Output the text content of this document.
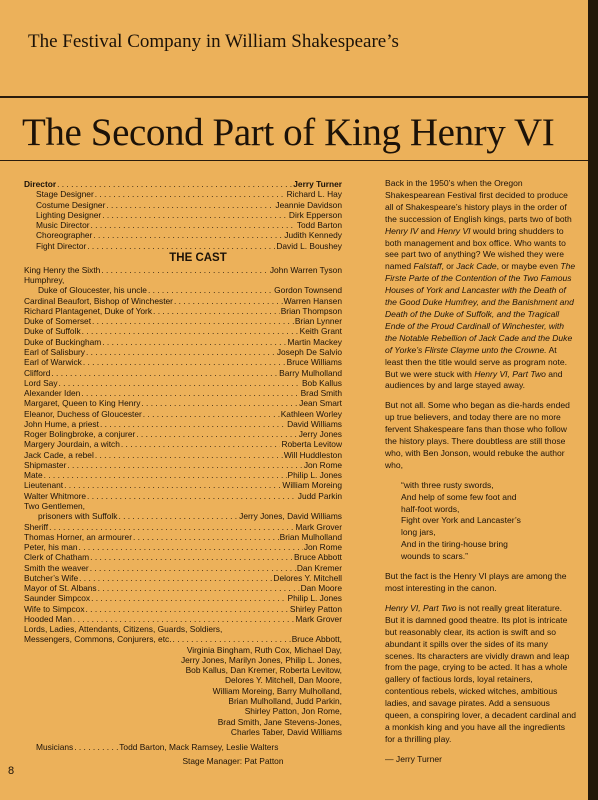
The Festival Company in William Shakespeare’s
The Second Part of King Henry VI
Director . . .	Jerry Turner
Stage Designer . . .	Richard L. Hay
Costume Designer . . .	Jeannie Davidson
Lighting Designer . . .	Dirk Epperson
Music Director . . .	Todd Barton
Choreographer . . .	Judith Kennedy
Fight Director . . .	David L. Boushey
THE CAST
King Henry the Sixth . . .	John Warren Tyson
Humphrey,
Duke of Gloucester, his uncle . . .	Gordon Townsend
Cardinal Beaufort, Bishop of Winchester . . .	Warren Hansen
Richard Plantagenet, Duke of York . . .	Brian Thompson
Duke of Somerset . . .	Brian Lynner
Duke of Suffolk . . .	Keith Grant
Duke of Buckingham . . .	Martin Mackey
Earl of Salisbury . . .	Joseph De Salvio
Earl of Warwick . . .	Bruce Williams
Clifford . . .	Barry Mulholland
Lord Say . . .	Bob Kallus
Alexander Iden . . .	Brad Smith
Margaret, Queen to King Henry . . .	Jean Smart
Eleanor, Duchess of Gloucester . . .	Kathleen Worley
John Hume, a priest . . .	David Williams
Roger Bolingbroke, a conjurer . . .	Jerry Jones
Margery Jourdain, a witch . . .	Roberta Levitow
Jack Cade, a rebel . . .	Will Huddleston
Shipmaster . . .	Jon Rome
Mate . . .	Philip L. Jones
Lieutenant . . .	William Moreing
Walter Whitmore . . .	Judd Parkin
Two Gentlemen,
prisoners with Suffolk . . .	Jerry Jones, David Williams
Sheriff . . .	Mark Grover
Thomas Horner, an armourer . . .	Brian Mulholland
Peter, his man . . .	Jon Rome
Clerk of Chatham . . .	Bruce Abbott
Smith the weaver . . .	Dan Kremer
Butcher’s Wife . . .	Delores Y. Mitchell
Mayor of St. Albans . . .	Dan Moore
Saunder Simpcox . . .	Philip L. Jones
Wife to Simpcox . . .	Shirley Patton
Hooded Man . . .	Mark Grover
Lords, Ladies, Attendants, Citizens, Guards, Soldiers,
Messengers, Commons, Conjurers, etc. . . .	Bruce Abbott,
Virginia Bingham, Ruth Cox, Michael Day,
Jerry Jones, Marilyn Jones, Philip L. Jones,
Bob Kallus, Dan Kremer, Roberta Levitow,
Delores Y. Mitchell, Dan Moore,
William Moreing, Barry Mulholland,
Brian Mulholland, Judd Parkin,
Shirley Patton, Jon Rome,
Brad Smith, Jane Stevens-Jones,
Charles Taber, David Williams
Musicians . . .	Todd Barton, Mack Ramsey, Leslie Walters
Stage Manager: Pat Patton

Back in the 1950’s when the Oregon Shakespearean Festival first decided to produce all of Shakespeare’s history plays in the order of the succession of English kings, parts two of both Henry IV and Henry VI would bring shudders to both management and box office. Who wants to see part two of anything? We wished they were named Falstaff, or Jack Cade, or maybe even The Firste Parte of the Contention of the Two Famous Houses of York and Lancaster with the Death of the Good Duke Humfrey, and the Banishment and Death of the Duke of Suffolk, and the Tragicall Ende of the Proud Cardinall of Winchester, with the Notable Rebellion of Jack Cade and the Duke of Yorke’s Flirste Clayme unto the Crowne. At least then the title would serve as program note. But we were stuck with Henry VI, Part Two and audiences by and large stayed away.

But not all. Some who began as die-hards ended up true believers, and today there are no more fervent Shakespeare fans than those who follow the history plays. There doubtless are still those who, with Ben Jonson, would rebuke the author who,

“with three rusty swords,
And help of some few foot and
half-foot words,
Fight over York and Lancaster’s
long jars,
And in the tiring-house bring
wounds to scars.”

But the fact is the Henry VI plays are among the most interesting in the canon.

Henry VI, Part Two is not really great literature. But it is damned good theatre. Its plot is intricate but reasonably clear, its action is swift and so abundant it spills over the sides of its many scenes. Its characters are vividly drawn and leap from the page, crying to be acted. It has a whole gallery of factious lords, loyal retainers, contentious rebels, wicked witches, ambitious ladies, and savage pirates. Add a sensuous queen, a conspiring lover, a decadent cardinal and a monkish king and you have all the ingredients for a thrilling play.

— Jerry Turner
8
